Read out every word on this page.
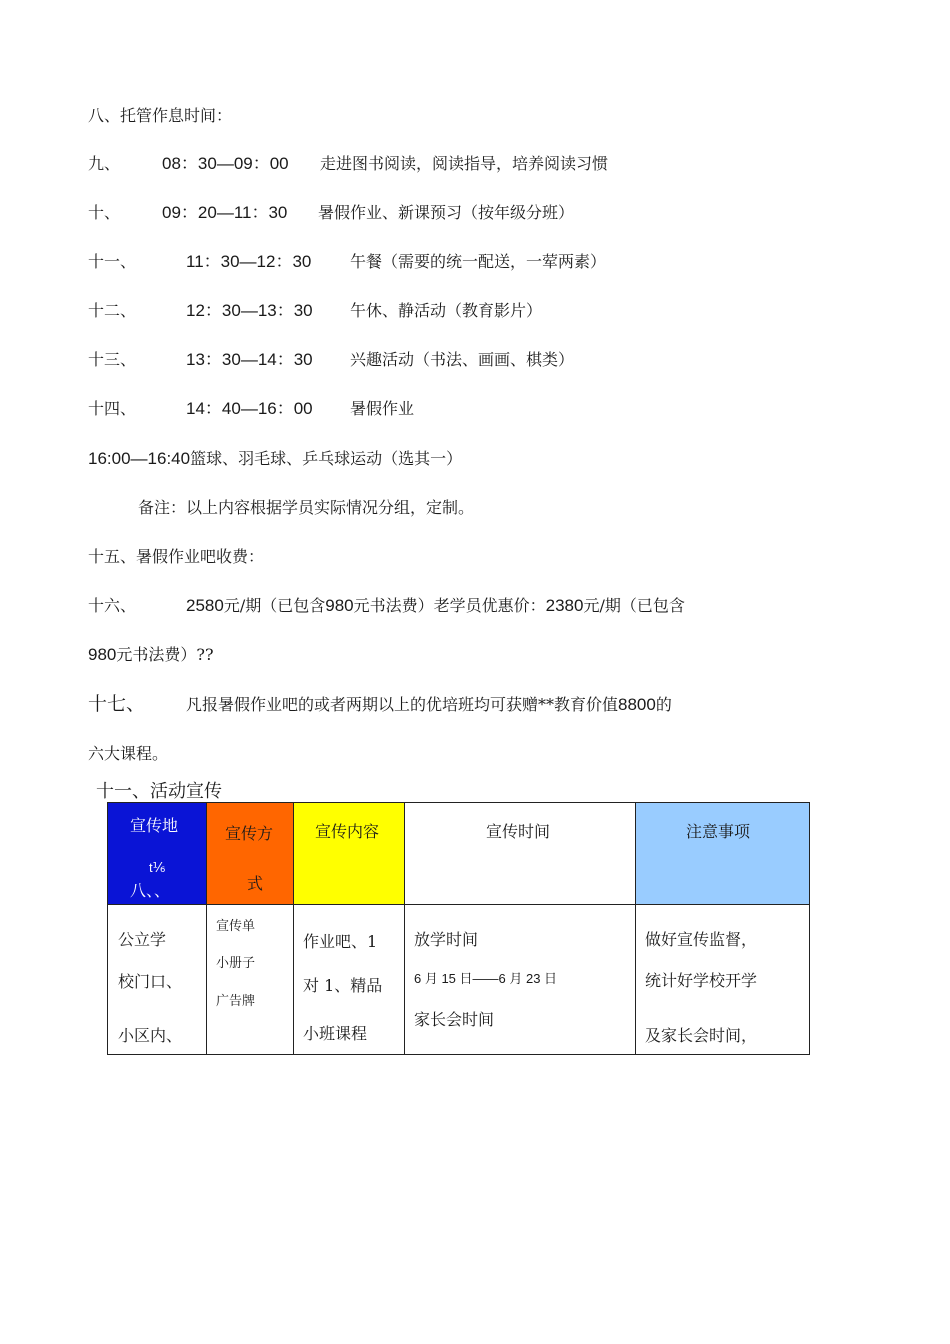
八、托管作息时间：
九、 08：30—09：00 走进图书阅读，阅读指导，培养阅读习惯
十、 09：20—11：30 暑假作业、新课预习（按年级分班）
十一、	11：30—12：30 午餐（需要的统一配送，一荤两素）
十二、	12：30—13：30 午休、静活动（教育影片）
十三、	13：30—14：30 兴趣活动（书法、画画、棋类）
十四、	14：40—16：00 暑假作业
16:00—16:40篮球、羽毛球、乒乓球运动（选其一）
备注：以上内容根据学员实际情况分组，定制。
十五、暑假作业吧收费：
十六、	2580元/期（已包含980元书法费）老学员优惠价：2380元/期（已包含
980元书法费）??
十七、	凡报暑假作业吧的或者两期以上的优培班均可获赠**教育价值8800的
六大课程。
十一、活动宣传
宣传地
t⅙
八、、	宣传方
式	宣传内容	宣传时间	注意事项

公立学
校门口、
小区内、	宣传单
小册子
广告牌	作业吧、1
对 1、精品
小班课程	放学时间
6 月 15 日——6 月 23 日
家长会时间	做好宣传监督，
统计好学校开学
及家长会时间，
